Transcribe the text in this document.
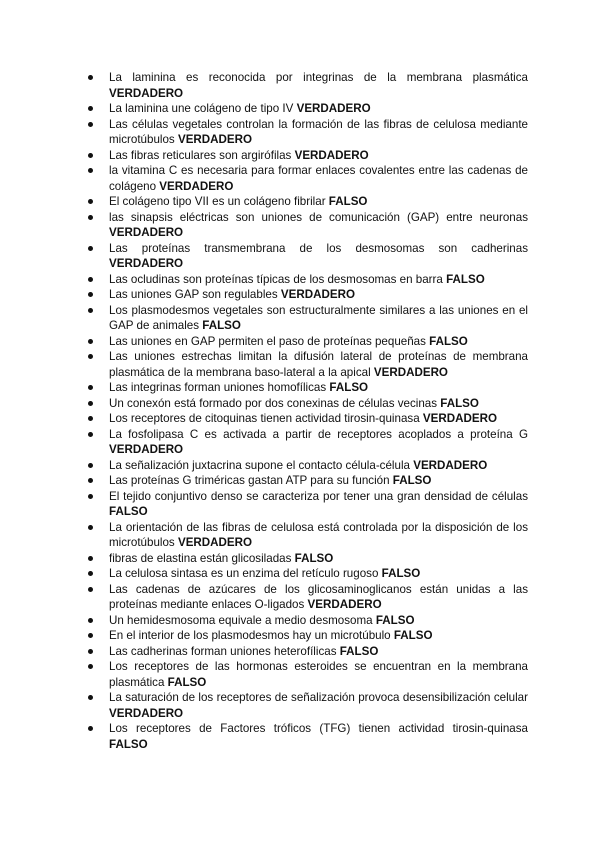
La laminina es reconocida por integrinas de la membrana plasmática VERDADERO
La laminina une colágeno de tipo IV VERDADERO
Las células vegetales controlan la formación de las fibras de celulosa mediante microtúbulos VERDADERO
Las fibras reticulares son argirófilas VERDADERO
la vitamina C es necesaria para formar enlaces covalentes entre las cadenas de colágeno VERDADERO
El colágeno tipo VII es un colágeno fibrilar FALSO
las sinapsis eléctricas son uniones de comunicación (GAP) entre neuronas VERDADERO
Las proteínas transmembrana de los desmosomas son cadherinas VERDADERO
Las ocludinas son proteínas típicas de los desmosomas en barra FALSO
Las uniones GAP son regulables VERDADERO
Los plasmodesmos vegetales son estructuralmente similares a las uniones en el GAP de animales FALSO
Las uniones en GAP permiten el paso de proteínas pequeñas FALSO
Las uniones estrechas limitan la difusión lateral de proteínas de membrana plasmática de la membrana baso-lateral a la apical VERDADERO
Las integrinas forman uniones homofílicas FALSO
Un conexón está formado por dos conexinas de células vecinas FALSO
Los receptores de citoquinas tienen actividad tirosin-quinasa VERDADERO
La fosfolipasa C es activada a partir de receptores acoplados a proteína G VERDADERO
La señalización juxtacrina supone el contacto célula-célula VERDADERO
Las proteínas G triméricas gastan ATP para su función FALSO
El tejido conjuntivo denso se caracteriza por tener una gran densidad de células FALSO
La orientación de las fibras de celulosa está controlada por la disposición de los microtúbulos VERDADERO
fibras de elastina están glicosiladas FALSO
La celulosa sintasa es un enzima del retículo rugoso FALSO
Las cadenas de azúcares de los glicosaminoglicanos están unidas a las proteínas mediante enlaces O-ligados VERDADERO
Un hemidesmosoma equivale a medio desmosoma FALSO
En el interior de los plasmodesmos hay un microtúbulo FALSO
Las cadherinas forman uniones heterofílicas FALSO
Los receptores de las hormonas esteroides se encuentran en la membrana plasmática FALSO
La saturación de los receptores de señalización provoca desensibilización celular VERDADERO
Los receptores de Factores tróficos (TFG) tienen actividad tirosin-quinasa FALSO
